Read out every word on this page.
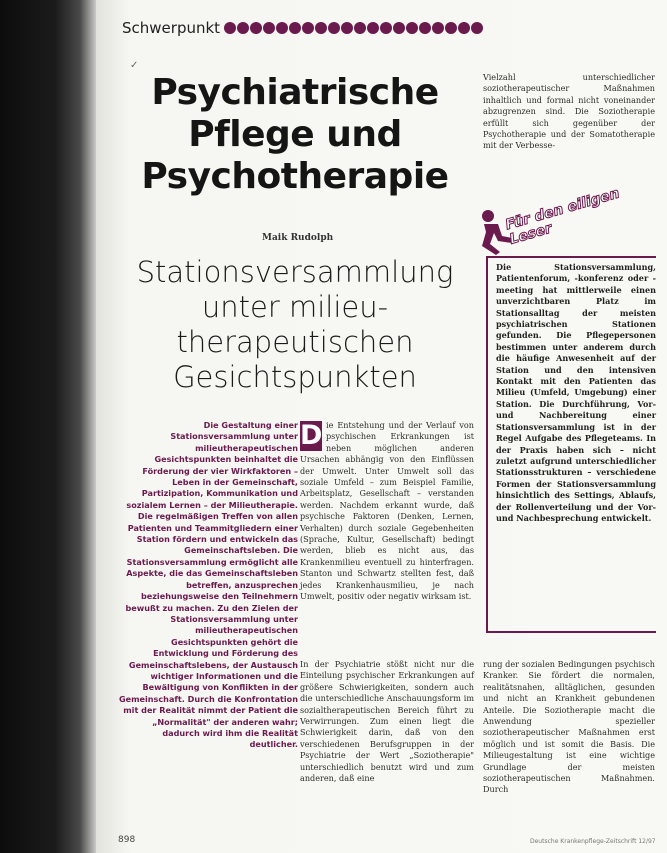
Schwerpunkt
✓
Psychiatrische Pflege und Psychotherapie
Maik Rudolph
Stationsversammlung unter milieu-therapeutischen Gesichtspunkten
Die Gestaltung einer Stationsversammlung unter milieutherapeutischen Gesichtspunkten beinhaltet die Förderung der vier Wirkfaktoren – Leben in der Gemeinschaft, Partizipation, Kommunikation und sozialem Lernen – der Milieutherapie. Die regelmäßigen Treffen von allen Patienten und Teammitgliedern einer Station fördern und entwickeln das Gemeinschaftsleben. Die Stationsversammlung ermöglicht alle Aspekte, die das Gemeinschaftsleben betreffen, anzusprechen beziehungsweise den Teilnehmern bewußt zu machen. Zu den Zielen der Stationsversammlung unter milieutherapeutischen Gesichtspunkten gehört die Entwicklung und Förderung des Gemeinschaftslebens, der Austausch wichtiger Informationen und die Bewältigung von Konflikten in der Gemeinschaft. Durch die Konfrontation mit der Realität nimmt der Patient die „Normalität" der anderen wahr; dadurch wird ihm die Realität deutlicher.
D ie Entstehung und der Verlauf von psychischen Erkrankungen ist neben möglichen anderen Ursachen abhängig von den Einflüssen der Umwelt. Unter Umwelt soll das soziale Umfeld – zum Beispiel Familie, Arbeitsplatz, Gesellschaft – verstanden werden. Nachdem erkannt wurde, daß psychische Faktoren (Denken, Lernen, Verhalten) durch soziale Gegebenheiten (Sprache, Kultur, Gesellschaft) bedingt werden, blieb es nicht aus, das Krankenmilieu eventuell zu hinterfragen. Stanton und Schwartz stellten fest, daß jedes Krankenhausmilieu, je nach Umwelt, positiv oder negativ wirksam ist.
In der Psychiatrie stößt nicht nur die Einteilung psychischer Erkrankungen auf größere Schwierigkeiten, sondern auch die unterschiedliche Anschauungsform im sozialtherapeutischen Bereich führt zu Verwirrungen. Zum einen liegt die Schwierigkeit darin, daß von den verschiedenen Berufsgruppen in der Psychiatrie der Wert „Soziotherapie" unterschiedlich benutzt wird und zum anderen, daß eine
Vielzahl unterschiedlicher soziotherapeutischer Maßnahmen inhaltlich und formal nicht voneinander abzugrenzen sind. Die Soziotherapie erfüllt sich gegenüber der Psychotherapie und der Somatotherapie mit der Verbesse-
Für den eiligen Leser
Die Stationsversammlung, Patientenforum, -konferenz oder -meeting hat mittlerweile einen unverzichtbaren Platz im Stationsalltag der meisten psychiatrischen Stationen gefunden. Die Pflegepersonen bestimmen unter anderem durch die häufige Anwesenheit auf der Station und den intensiven Kontakt mit den Patienten das Milieu (Umfeld, Umgebung) einer Station. Die Durchführung, Vor- und Nachbereitung einer Stationsversammlung ist in der Regel Aufgabe des Pflegeteams. In der Praxis haben sich – nicht zuletzt aufgrund unterschiedlicher Stationsstrukturen – verschiedene Formen der Stationsversammlung hinsichtlich des Settings, Ablaufs, der Rollenverteilung und der Vor- und Nachbesprechung entwickelt.
rung der sozialen Bedingungen psychisch Kranker. Sie fördert die normalen, realitätsnahen, alltäglichen, gesunden und nicht an Krankheit gebundenen Anteile. Die Soziotherapie macht die Anwendung spezieller soziotherapeutischer Maßnahmen erst möglich und ist somit die Basis. Die Milieugestaltung ist eine wichtige Grundlage der meisten soziotherapeutischen Maßnahmen. Durch
898	Deutsche Krankenpflege-Zeitschrift 12/97
